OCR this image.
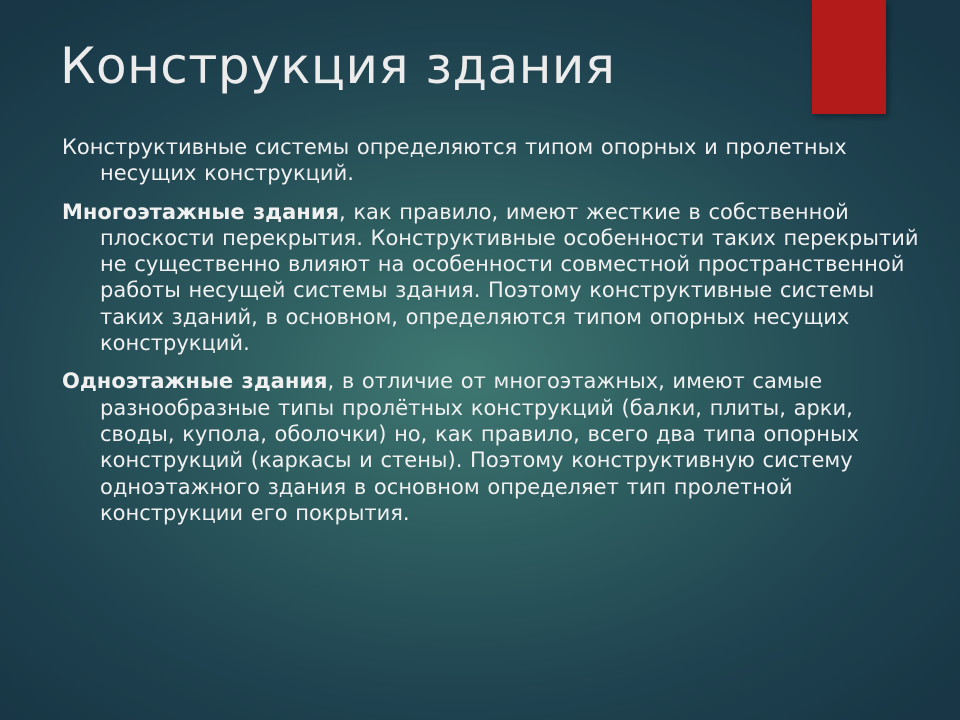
Конструкция здания

Конструктивные системы определяются типом опорных и пролетных несущих конструкций.

Многоэтажные здания, как правило, имеют жесткие в собственной плоскости перекрытия. Конструктивные особенности таких перекрытий не существенно влияют на особенности совместной пространственной работы несущей системы здания. Поэтому конструктивные системы таких зданий, в основном, определяются типом опорных несущих конструкций.

Одноэтажные здания, в отличие от многоэтажных, имеют самые разнообразные типы пролётных конструкций (балки, плиты, арки, своды, купола, оболочки) но, как правило, всего два типа опорных конструкций (каркасы и стены). Поэтому конструктивную систему одноэтажного здания в основном определяет тип пролетной конструкции его покрытия.
